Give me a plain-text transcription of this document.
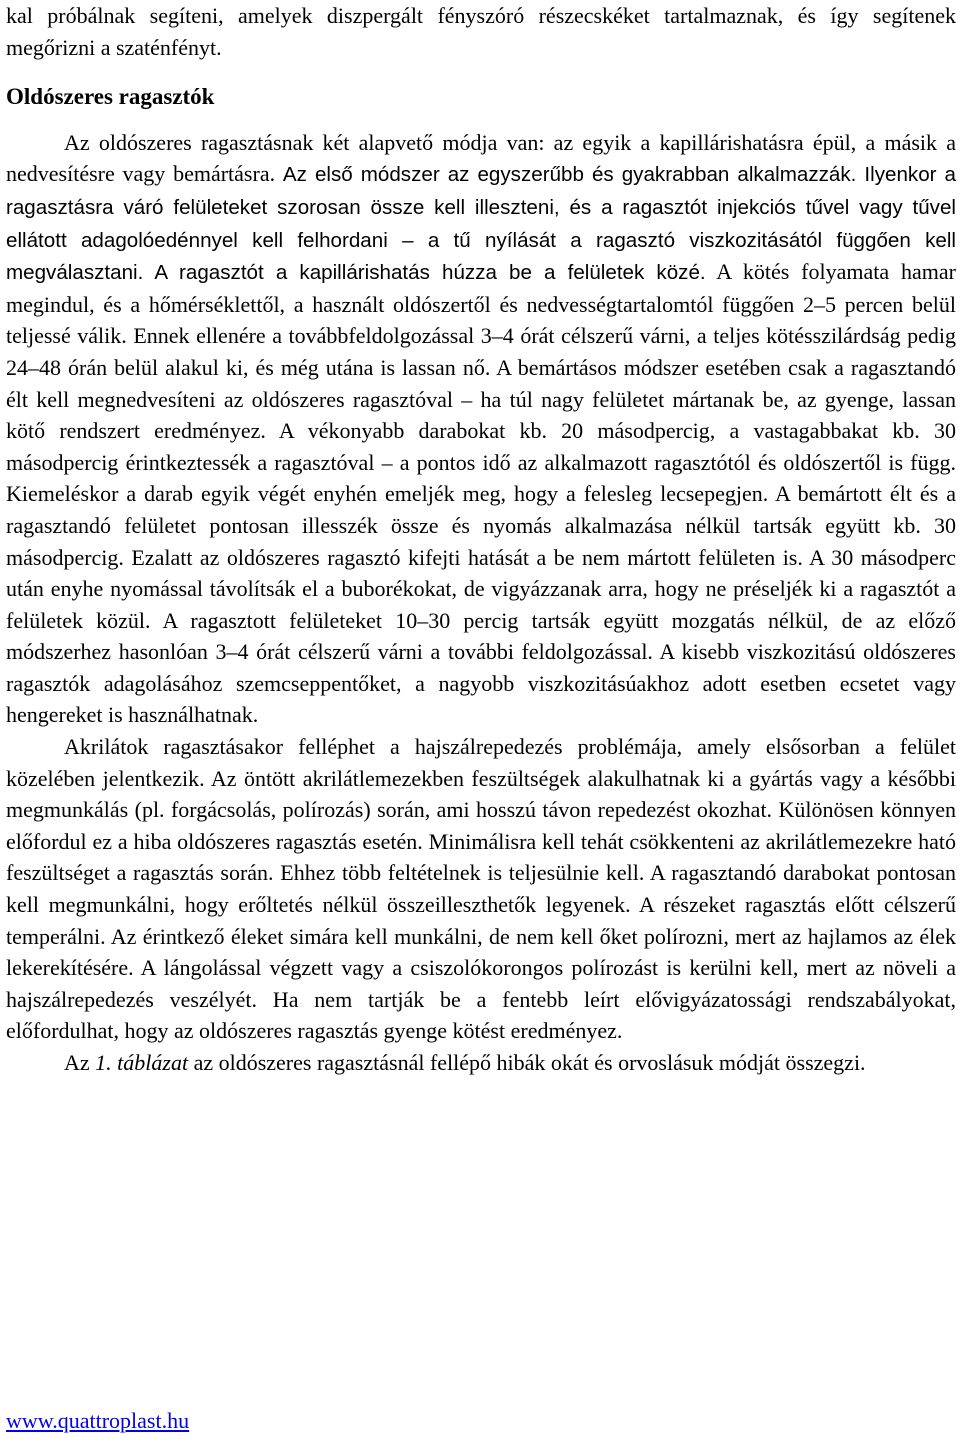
kal próbálnak segíteni, amelyek diszpergált fényszóró részecskéket tartalmaznak, és így segítenek megőrizni a szaténfényt.

Oldószeres ragasztók

Az oldószeres ragasztásnak két alapvető módja van: az egyik a kapillárishatásra épül, a másik a nedvesítésre vagy bemártásra. Az első módszer az egyszerűbb és gyakrabban alkalmazzák. Ilyenkor a ragasztásra váró felületeket szorosan össze kell illeszteni, és a ragasztót injekciós tűvel vagy tűvel ellátott adagolóedénnyel kell felhordani – a tű nyílását a ragasztó viszkozitásától függően kell megválasztani. A ragasztót a kapillárishatás húzza be a felületek közé. A kötés folyamata hamar megindul, és a hőmérséklettől, a használt oldószertől és nedvességtartalomtól függően 2–5 percen belül teljessé válik. Ennek ellenére a továbbfeldolgozással 3–4 órát célszerű várni, a teljes kötésszilárdság pedig 24–48 órán belül alakul ki, és még utána is lassan nő. A bemártásos módszer esetében csak a ragasztandó élt kell megnedvesíteni az oldószeres ragasztóval – ha túl nagy felületet mártanak be, az gyenge, lassan kötő rendszert eredményez. A vékonyabb darabokat kb. 20 másodpercig, a vastagabbakat kb. 30 másodpercig érintkeztessék a ragasztóval – a pontos idő az alkalmazott ragasztótól és oldószertől is függ. Kiemeléskor a darab egyik végét enyhén emeljék meg, hogy a felesleg lecsepegjen. A bemártott élt és a ragasztandó felületet pontosan illesszék össze és nyomás alkalmazása nélkül tartsák együtt kb. 30 másodpercig. Ezalatt az oldószeres ragasztó kifejti hatását a be nem mártott felületen is. A 30 másodperc után enyhe nyomással távolítsák el a buborékokat, de vigyázzanak arra, hogy ne préseljék ki a ragasztót a felületek közül. A ragasztott felületeket 10–30 percig tartsák együtt mozgatás nélkül, de az előző módszerhez hasonlóan 3–4 órát célszerű várni a további feldolgozással. A kisebb viszkozitású oldószeres ragasztók adagolásához szemcseppentőket, a nagyobb viszkozitásúakhoz adott esetben ecsetet vagy hengereket is használhatnak.

Akrilátok ragasztásakor felléphet a hajszálrepedezés problémája, amely elsősorban a felület közelében jelentkezik. Az öntött akrilátlemezekben feszültségek alakulhatnak ki a gyártás vagy a későbbi megmunkálás (pl. forgácsolás, polírozás) során, ami hosszú távon repedezést okozhat. Különösen könnyen előfordul ez a hiba oldószeres ragasztás esetén. Minimálisra kell tehát csökkenteni az akrilátlemezekre ható feszültséget a ragasztás során. Ehhez több feltételnek is teljesülnie kell. A ragasztandó darabokat pontosan kell megmunkálni, hogy erőltetés nélkül összeilleszthetők legyenek. A részeket ragasztás előtt célszerű temperálni. Az érintkező éleket simára kell munkálni, de nem kell őket polírozni, mert az hajlamos az élek lekerekítésére. A lángolással végzett vagy a csiszolókorongos polírozást is kerülni kell, mert az növeli a hajszálrepedezés veszélyét. Ha nem tartják be a fentebb leírt elővigyázatossági rendszabályokat, előfordulhat, hogy az oldószeres ragasztás gyenge kötést eredményez.

Az 1. táblázat az oldószeres ragasztásnál fellépő hibák okát és orvoslásuk módját összegzi.

www.quattroplast.hu
